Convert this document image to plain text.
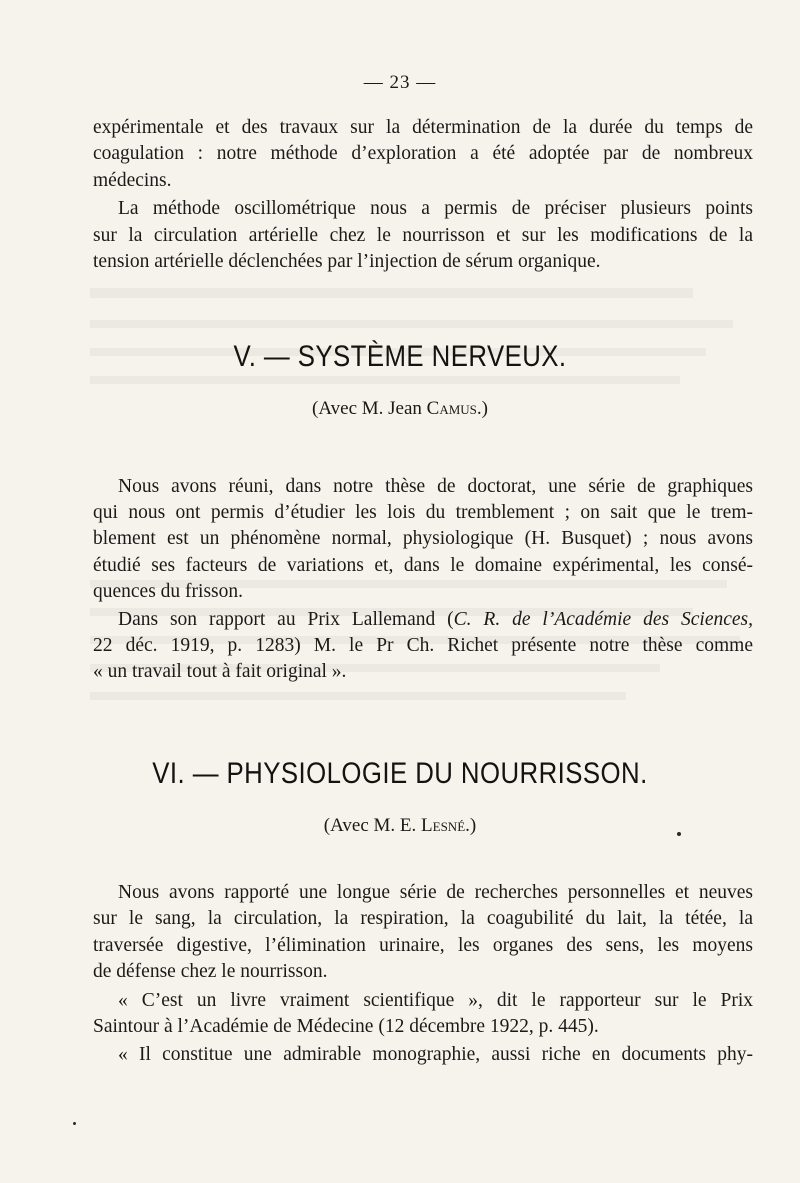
— 23 —

expérimentale et des travaux sur la détermination de la durée du temps de
coagulation : notre méthode d’exploration a été adoptée par de nombreux
médecins.

La méthode oscillométrique nous a permis de préciser plusieurs points
sur la circulation artérielle chez le nourrisson et sur les modifications de la
tension artérielle déclenchées par l’injection de sérum organique.

V. — SYSTÈME NERVEUX.
(Avec M. Jean Camus.)

Nous avons réuni, dans notre thèse de doctorat, une série de graphiques
qui nous ont permis d’étudier les lois du tremblement ; on sait que le trem-
blement est un phénomène normal, physiologique (H. Busquet) ; nous avons
étudié ses facteurs de variations et, dans le domaine expérimental, les consé-
quences du frisson.

Dans son rapport au Prix Lallemand (C. R. de l’Académie des Sciences,
22 déc. 1919, p. 1283) M. le Pr Ch. Richet présente notre thèse comme
« un travail tout à fait original ».

VI. — PHYSIOLOGIE DU NOURRISSON.
(Avec M. E. Lesné.)

Nous avons rapporté une longue série de recherches personnelles et neuves
sur le sang, la circulation, la respiration, la coagubilité du lait, la tétée, la
traversée digestive, l’élimination urinaire, les organes des sens, les moyens
de défense chez le nourrisson.

« C’est un livre vraiment scientifique », dit le rapporteur sur le Prix
Saintour à l’Académie de Médecine (12 décembre 1922, p. 445).

« Il constitue une admirable monographie, aussi riche en documents phy-
